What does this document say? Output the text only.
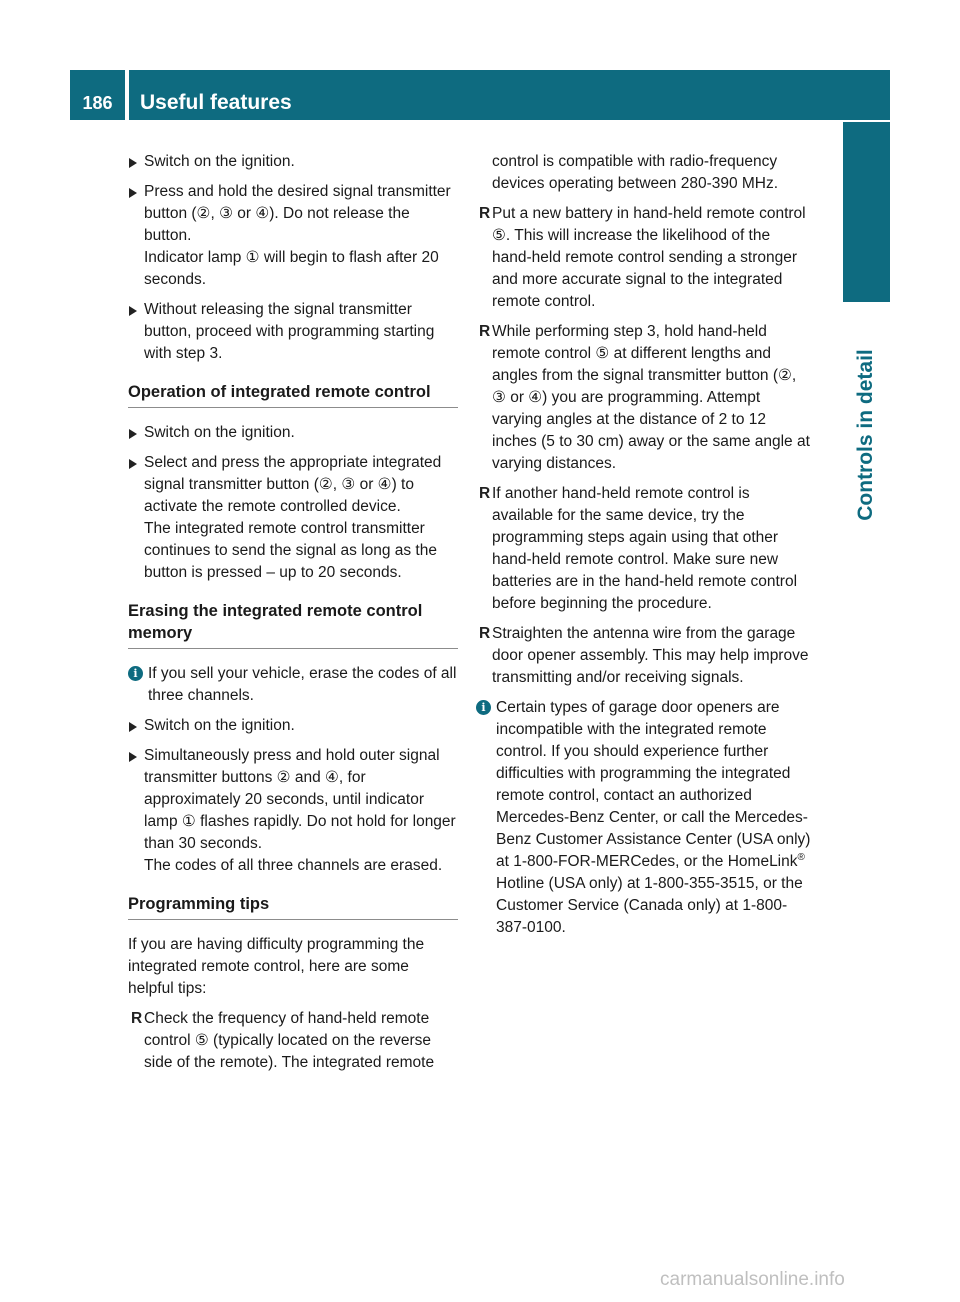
186	Useful features
Controls in detail

Switch on the ignition.

Press and hold the desired signal transmitter button (②, ③ or ④). Do not release the button.
Indicator lamp ① will begin to flash after 20 seconds.

Without releasing the signal transmitter button, proceed with programming starting with step 3.

Operation of integrated remote control

Switch on the ignition.

Select and press the appropriate integrated signal transmitter button (②, ③ or ④) to activate the remote controlled device.
The integrated remote control transmitter continues to send the signal as long as the button is pressed – up to 20 seconds.
Erasing the integrated remote control memory
i If you sell your vehicle, erase the codes of all three channels.

Switch on the ignition.

Simultaneously press and hold outer signal transmitter buttons ② and ④, for approximately 20 seconds, until indicator lamp ① flashes rapidly. Do not hold for longer than 30 seconds.
The codes of all three channels are erased.
Programming tips

If you are having difficulty programming the integrated remote control, here are some helpful tips:

R Check the frequency of hand-held remote control ⑤ (typically located on the reverse side of the remote). The integrated remote

control is compatible with radio-frequency devices operating between 280-390 MHz.

R Put a new battery in hand-held remote control ⑤. This will increase the likelihood of the hand-held remote control sending a stronger and more accurate signal to the integrated remote control.
R While performing step 3, hold hand-held remote control ⑤ at different lengths and angles from the signal transmitter button (②, ③ or ④) you are programming. Attempt varying angles at the distance of 2 to 12 inches (5 to 30 cm) away or the same angle at varying distances.
R If another hand-held remote control is available for the same device, try the programming steps again using that other hand-held remote control. Make sure new batteries are in the hand-held remote control before beginning the procedure.
R Straighten the antenna wire from the garage door opener assembly. This may help improve transmitting and/or receiving signals.
i Certain types of garage door openers are incompatible with the integrated remote control. If you should experience further difficulties with programming the integrated remote control, contact an authorized Mercedes-Benz Center, or call the Mercedes-Benz Customer Assistance Center (USA only) at 1-800-FOR-MERCedes, or the HomeLink® Hotline (USA only) at 1-800-355-3515, or the Customer Service (Canada only) at 1-800-387-0100.
carmanualsonline.info
